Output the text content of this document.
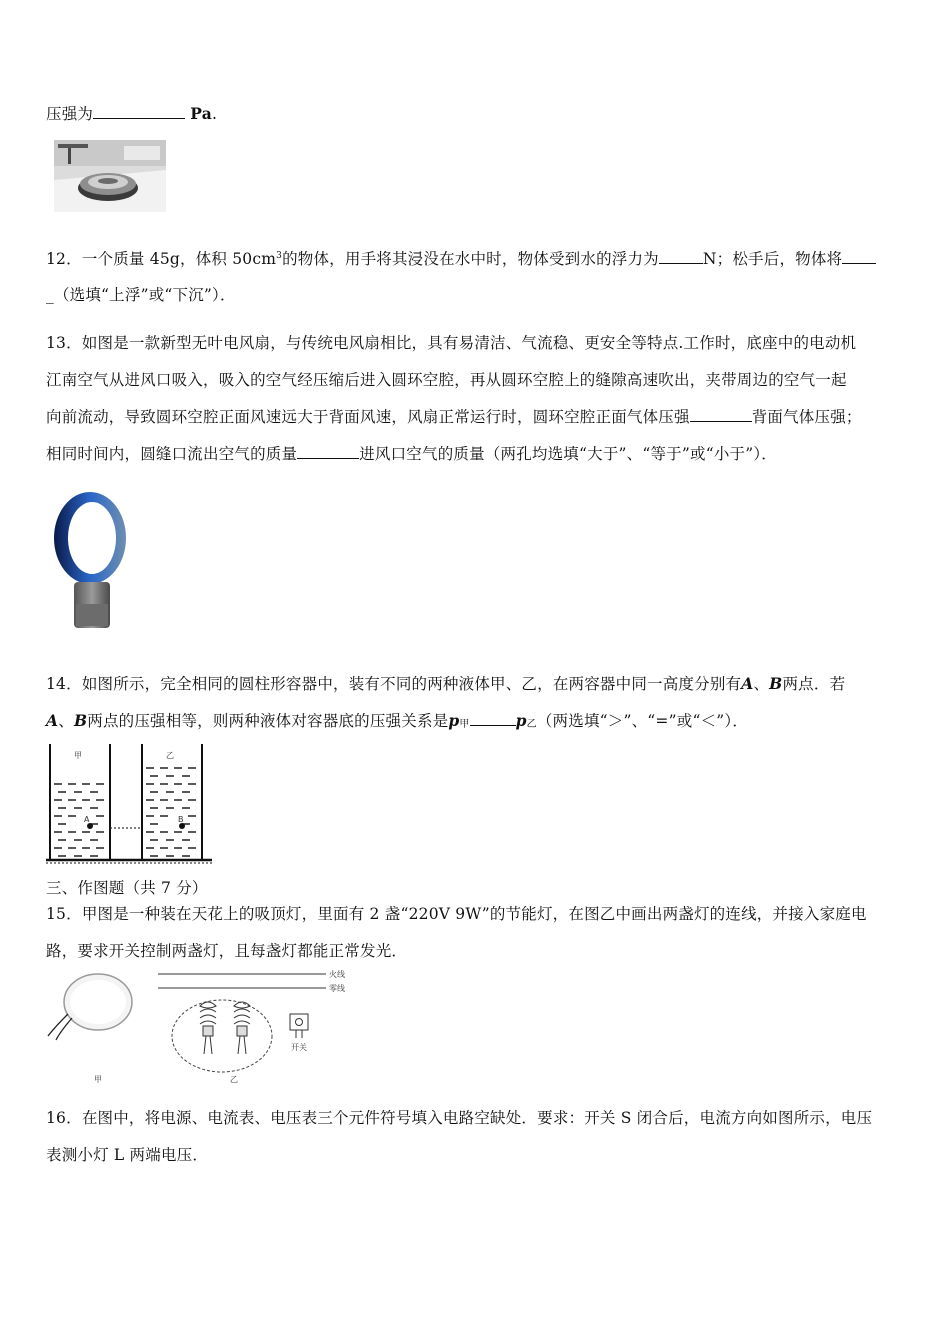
压强为	Pa.
12．一个质量 45g，体积 $50cm^3$的物体，用手将其浸没在水中时，物体受到水的浮力为	N；松手后，物体将
_（选填“上浮”或“下沉”）．
13．如图是一款新型无叶电风扇，与传统电风扇相比，具有易清洁、气流稳、更安全等特点.工作时，底座中的电动机
江南空气从进风口吸入，吸入的空气经压缩后进入圆环空腔，再从圆环空腔上的缝隙高速吹出，夹带周边的空气一起
向前流动，导致圆环空腔正面风速远大于背面风速，风扇正常运行时，圆环空腔正面气体压强	背面气体压强；
相同时间内，圆缝口流出空气的质量	进风口空气的质量（两孔均选填“大于”、“等于”或“小于”）．
14．如图所示，完全相同的圆柱形容器中，装有不同的两种液体甲、乙，在两容器中同一高度分别有A、B两点．若
A、B两点的压强相等，则两种液体对容器底的压强关系是p甲	p乙（两选填“＞”、“=”或“＜”）．
A	B
甲	乙
三、作图题（共 7 分）
15．甲图是一种装在天花上的吸顶灯，里面有 2 盏“220V 9W”的节能灯，在图乙中画出两盏灯的连线，并接入家庭电
路，要求开关控制两盏灯，且每盏灯都能正常发光．
甲
火线
零线
乙
开关
16．在图中，将电源、电流表、电压表三个元件符号填入电路空缺处．要求：开关 S 闭合后，电流方向如图所示，电压
表测小灯 L 两端电压．
